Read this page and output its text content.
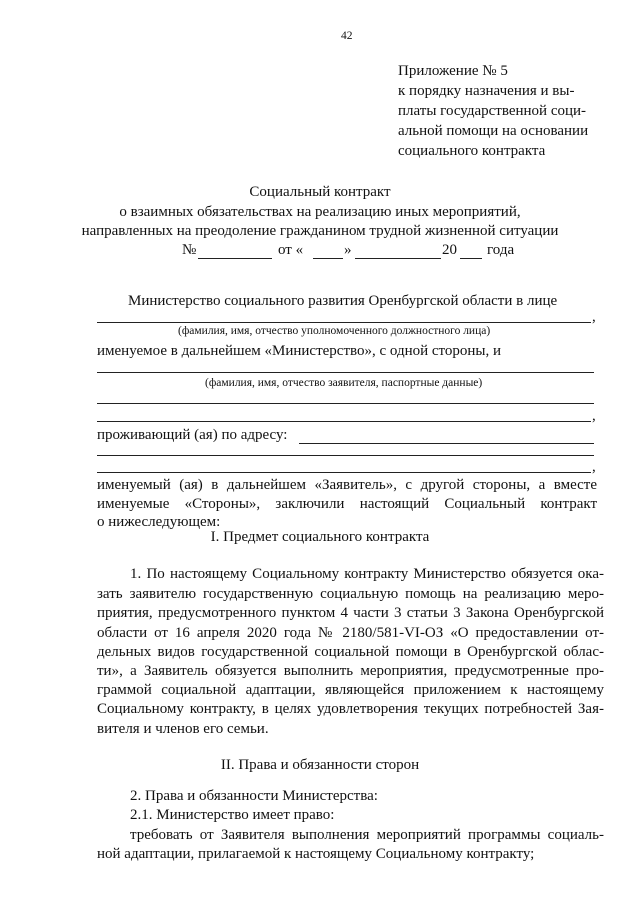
42
Приложение № 5
к порядку назначения и вы-
платы государственной соци-
альной помощи на основании
социального контракта
Социальный контракт
о взаимных обязательствах на реализацию иных мероприятий,
направленных на преодоление гражданином трудной жизненной ситуации
№	от «	»	20 года
Министерство социального развития Оренбургской области в лице
,
(фамилия, имя, отчество уполномоченного должностного лица)
именуемое в дальнейшем «Министерство», с одной стороны, и
(фамилия, имя, отчество заявителя, паспортные данные)
,
проживающий (ая) по адресу:
,
именуемый (ая) в дальнейшем «Заявитель», с другой стороны, а вместе
именуемые «Стороны», заключили настоящий Социальный контракт
о нижеследующем:
I. Предмет социального контракта
1. По настоящему Социальному контракту Министерство обязуется ока-
зать заявителю государственную социальную помощь на реализацию меро-
приятия, предусмотренного пунктом 4 части 3 статьи 3 Закона Оренбургской
области от 16 апреля 2020 года № 2180/581-VI-ОЗ «О предоставлении от-
дельных видов государственной социальной помощи в Оренбургской облас-
ти», а Заявитель обязуется выполнить мероприятия, предусмотренные про-
граммой социальной адаптации, являющейся приложением к настоящему
Социальному контракту, в целях удовлетворения текущих потребностей Зая-
вителя и членов его семьи.
II. Права и обязанности сторон
2. Права и обязанности Министерства:
2.1. Министерство имеет право:
требовать от Заявителя выполнения мероприятий программы социаль-
ной адаптации, прилагаемой к настоящему Социальному контракту;
